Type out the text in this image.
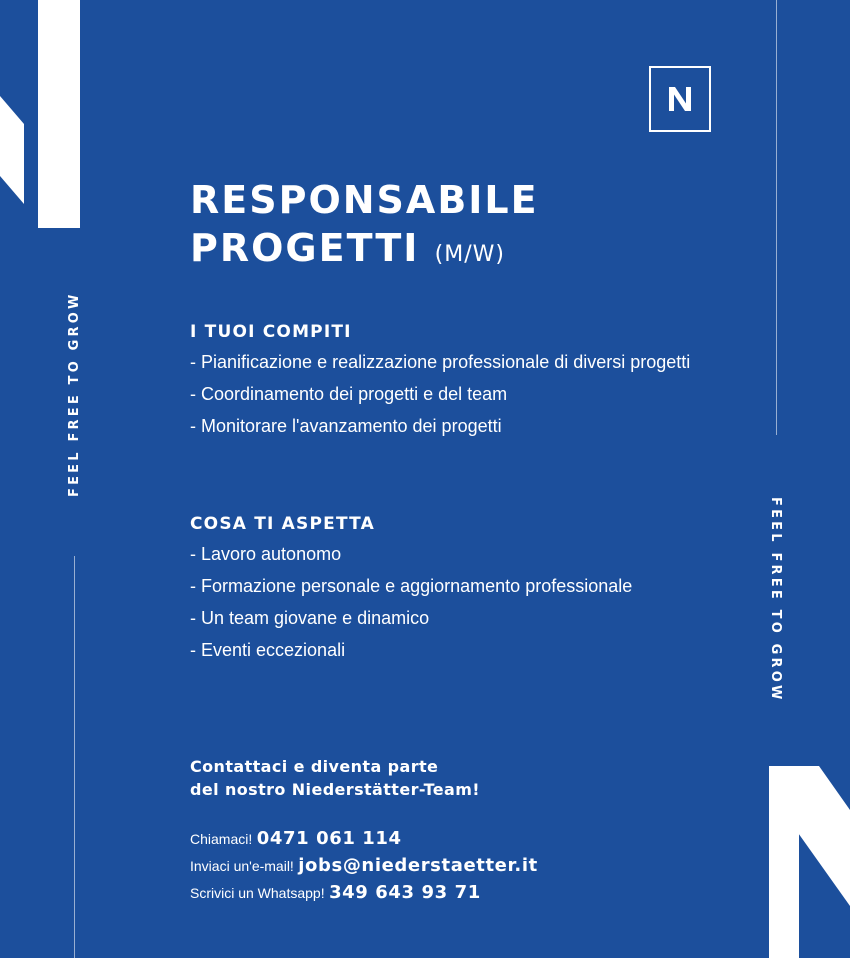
FEEL FREE TO GROW
FEEL FREE TO GROW
RESPONSABILE
PROGETTI (M/W)
I TUOI COMPITI
- Pianificazione e realizzazione professionale di diversi progetti
- Coordinamento dei progetti e del team
- Monitorare l'avanzamento dei progetti
COSA TI ASPETTA
- Lavoro autonomo
- Formazione personale e aggiornamento professionale
- Un team giovane e dinamico
- Eventi eccezionali
Contattaci e diventa parte
del nostro Niederstätter-Team!
Chiamaci! 0471 061 114
Inviaci un'e-mail! jobs@niederstaetter.it
Scrivici un Whatsapp! 349 643 93 71
